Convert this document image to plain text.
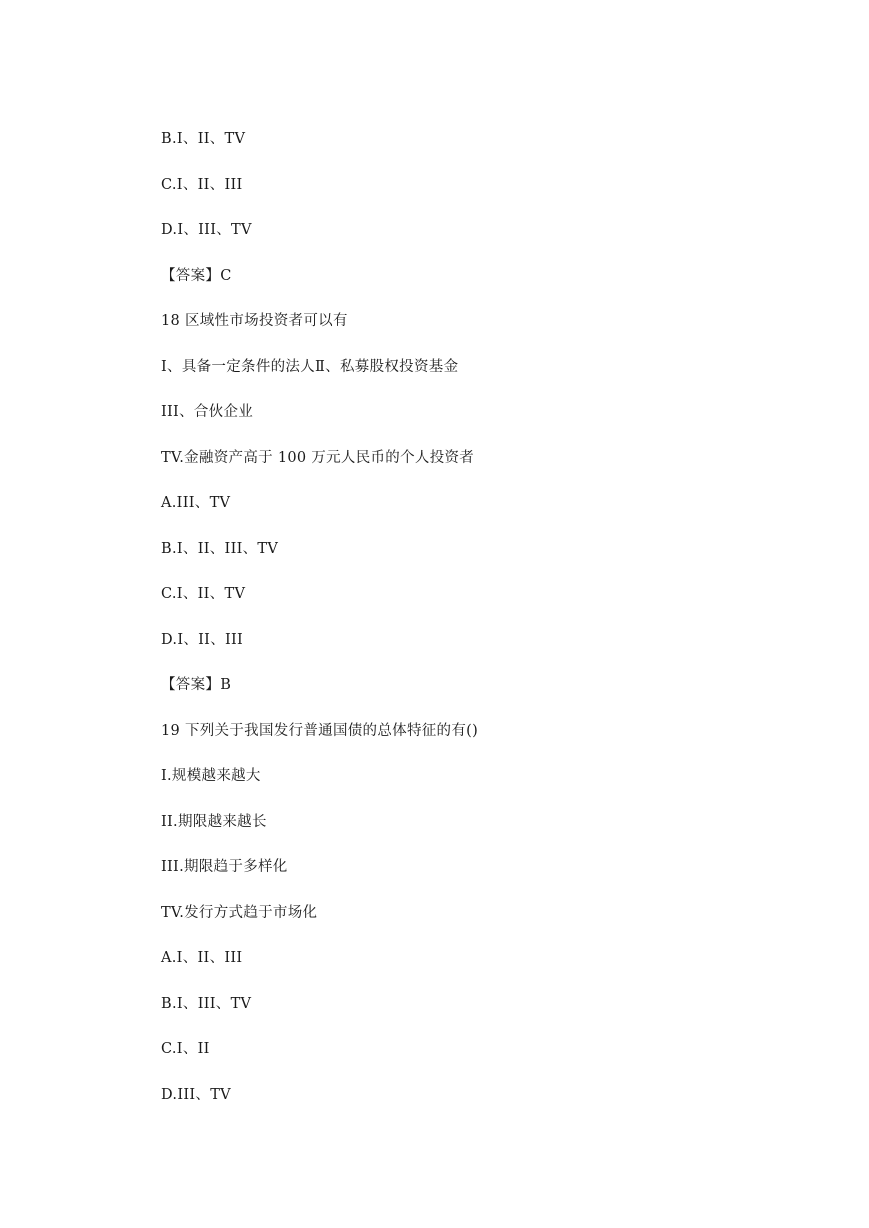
B.I、II、TV
C.I、II、III
D.I、III、TV
【答案】C
18 区域性市场投资者可以有
I、具备一定条件的法人Ⅱ、私募股权投资基金
III、合伙企业
TV.金融资产高于 100 万元人民币的个人投资者
A.III、TV
B.I、II、III、TV
C.I、II、TV
D.I、II、III
【答案】B
19 下列关于我国发行普通国债的总体特征的有()
I.规模越来越大
II.期限越来越长
III.期限趋于多样化
TV.发行方式趋于市场化
A.I、II、III
B.I、III、TV
C.I、II
D.III、TV
